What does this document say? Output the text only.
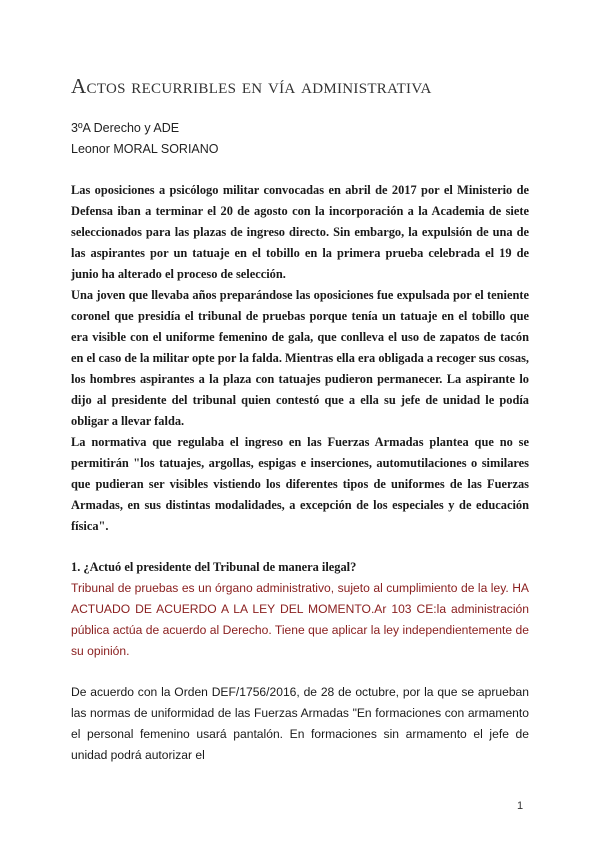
Actos recurribles en vía administrativa
3ºA Derecho y ADE
Leonor MORAL SORIANO

Las oposiciones a psicólogo militar convocadas en abril de 2017 por el Ministerio de Defensa iban a terminar el 20 de agosto con la incorporación a la Academia de siete seleccionados para las plazas de ingreso directo. Sin embargo, la expulsión de una de las aspirantes por un tatuaje en el tobillo en la primera prueba celebrada el 19 de junio ha alterado el proceso de selección.

Una joven que llevaba años preparándose las oposiciones fue expulsada por el teniente coronel que presidía el tribunal de pruebas porque tenía un tatuaje en el tobillo que era visible con el uniforme femenino de gala, que conlleva el uso de zapatos de tacón en el caso de la militar opte por la falda. Mientras ella era obligada a recoger sus cosas, los hombres aspirantes a la plaza con tatuajes pudieron permanecer. La aspirante lo dijo al presidente del tribunal quien contestó que a ella su jefe de unidad le podía obligar a llevar falda.

La normativa que regulaba el ingreso en las Fuerzas Armadas plantea que no se permitirán "los tatuajes, argollas, espigas e inserciones, automutilaciones o similares que pudieran ser visibles vistiendo los diferentes tipos de uniformes de las Fuerzas Armadas, en sus distintas modalidades, a excepción de los especiales y de educación física".

1. ¿Actuó el presidente del Tribunal de manera ilegal?

Tribunal de pruebas es un órgano administrativo, sujeto al cumplimiento de la ley. HA ACTUADO DE ACUERDO A LA LEY DEL MOMENTO.Ar 103 CE:la administración pública actúa de acuerdo al Derecho. Tiene que aplicar la ley independientemente de su opinión.

De acuerdo con la Orden DEF/1756/2016, de 28 de octubre, por la que se aprueban las normas de uniformidad de las Fuerzas Armadas "En formaciones con armamento el personal femenino usará pantalón. En formaciones sin armamento el jefe de unidad podrá autorizar el

1
